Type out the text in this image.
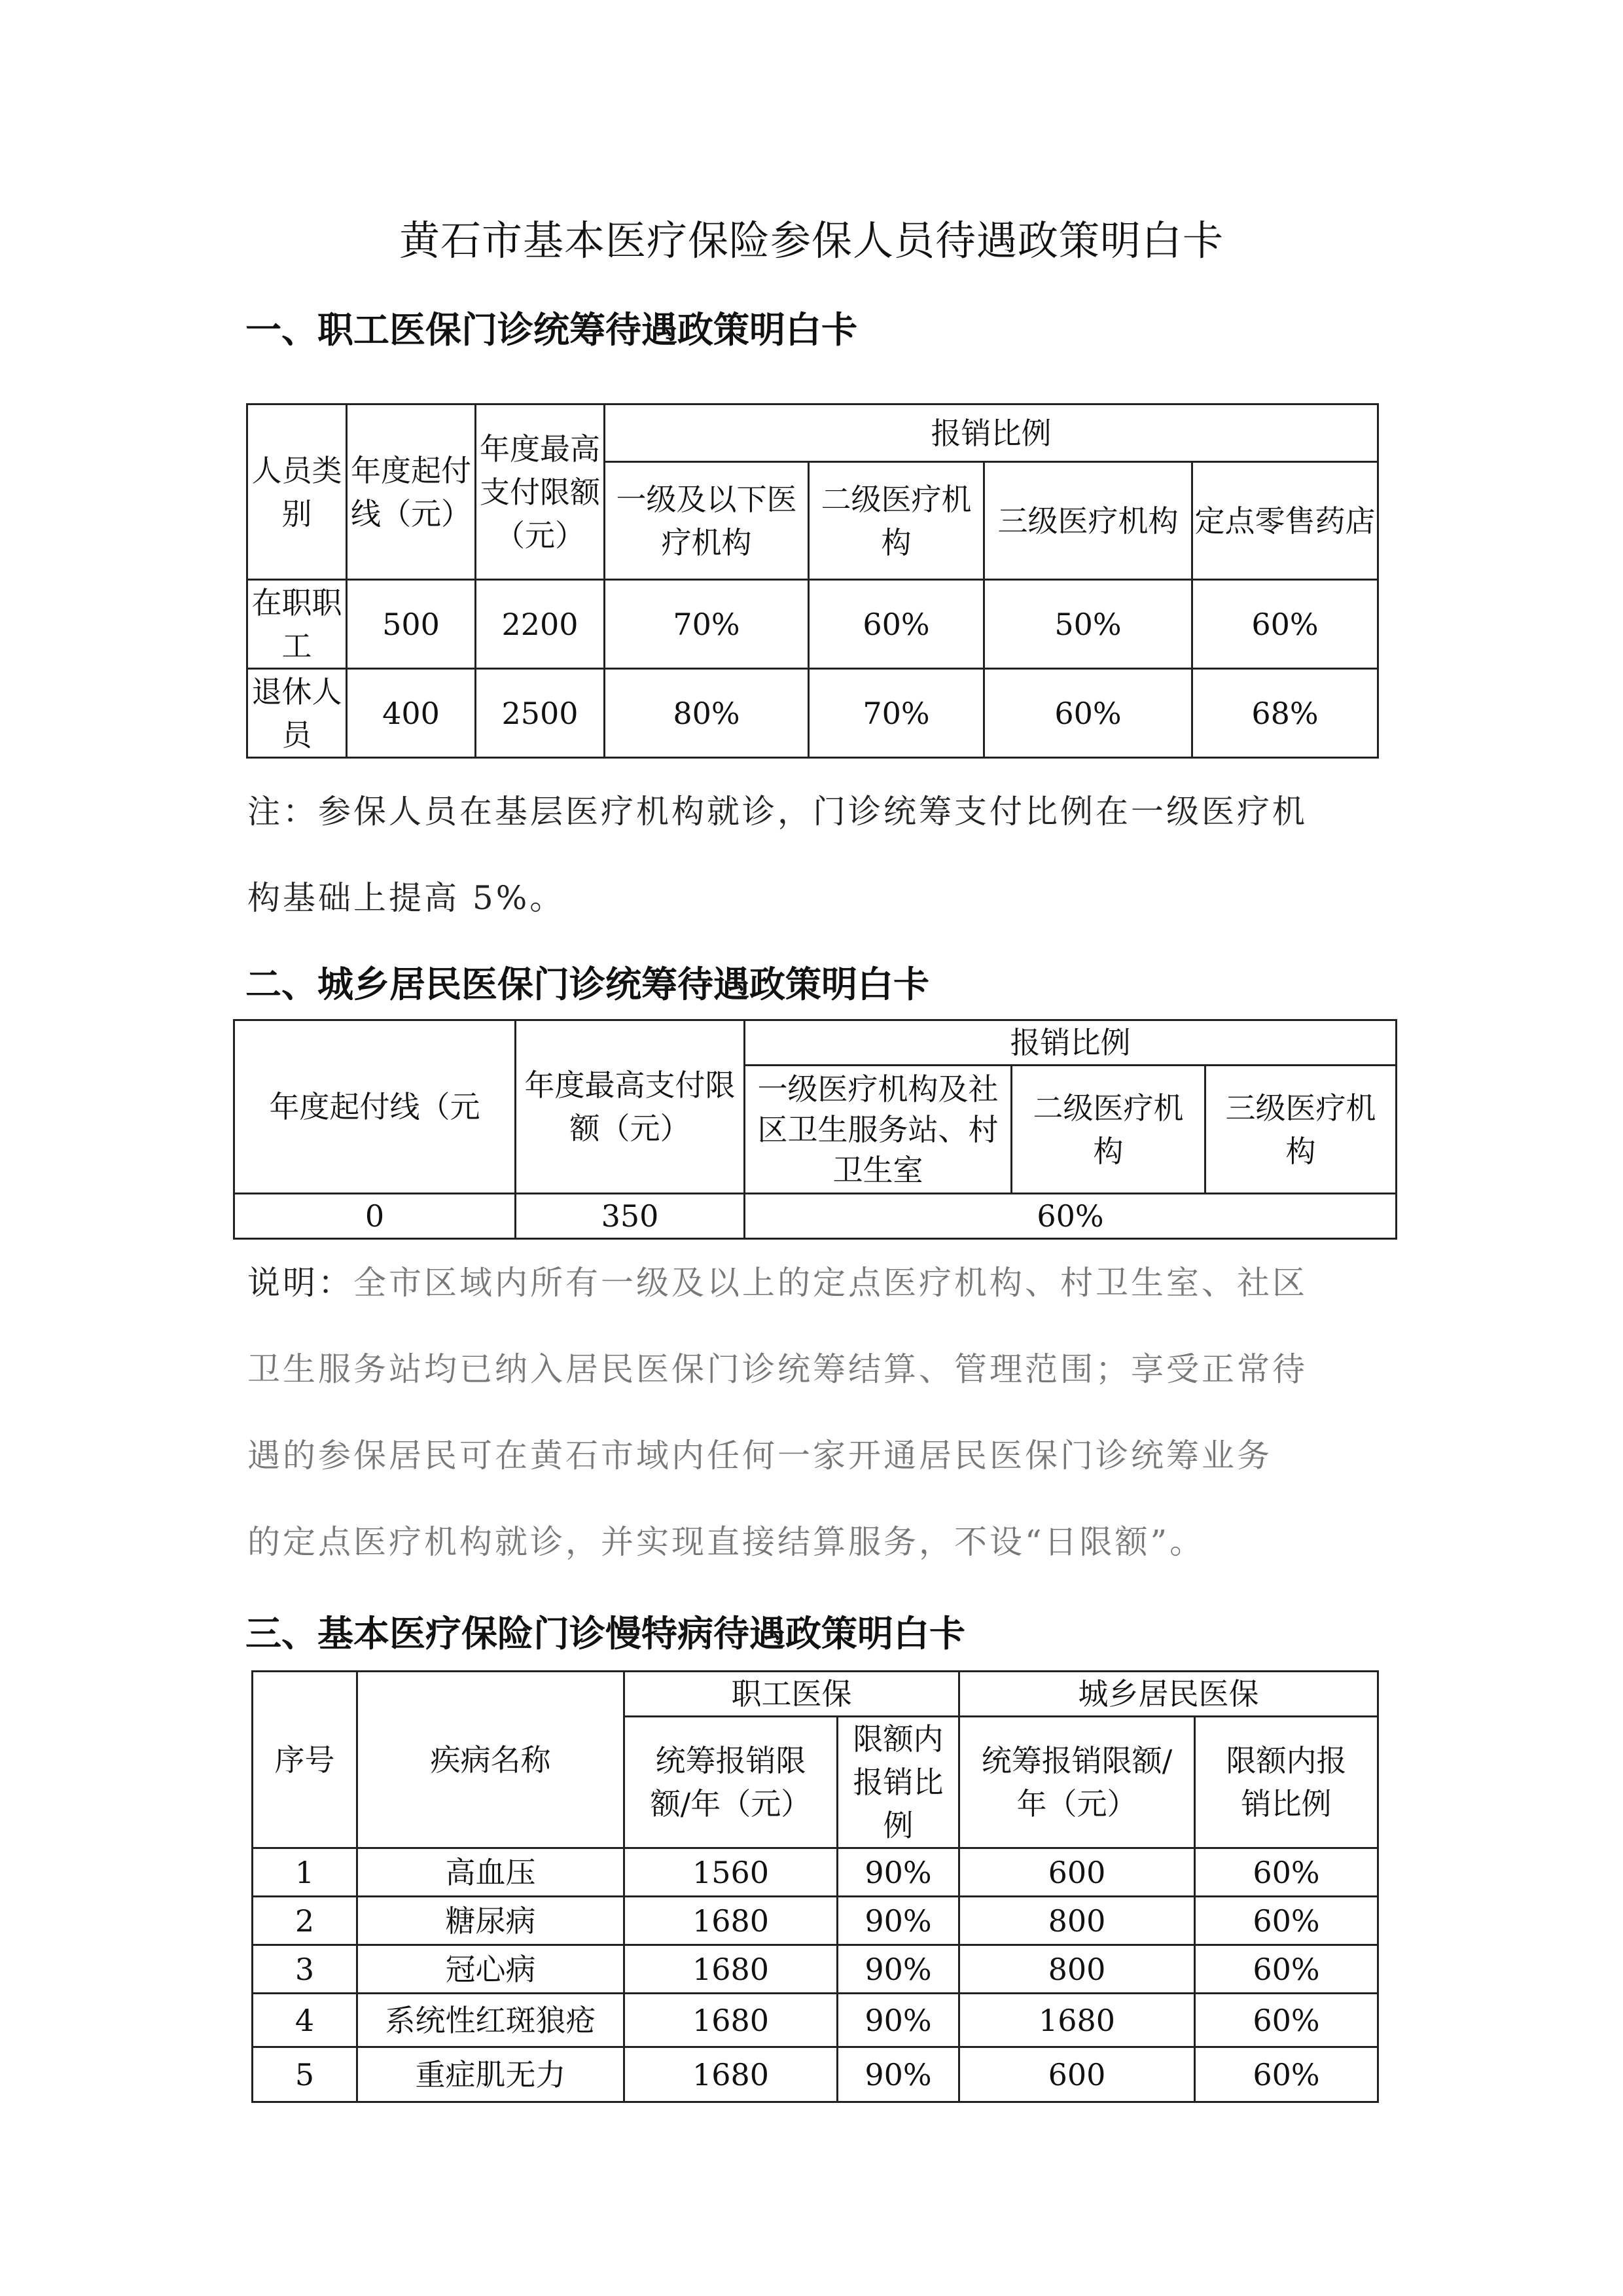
黄石市基本医疗保险参保人员待遇政策明白卡
一、职工医保门诊统筹待遇政策明白卡
人员类别	年度起付线（元）	年度最高支付限额（元）	报销比例			
			一级及以下医疗机构	二级医疗机构	三级医疗机构	定点零售药店
在职职工	500	2200	70%	60%	50%	60%
退休人员	400	2500	80%	70%	60%	68%
注：参保人员在基层医疗机构就诊，门诊统筹支付比例在一级医疗机
构基础上提高 5%。
二、城乡居民医保门诊统筹待遇政策明白卡
年度起付线（元	年度最高支付限额（元）	报销比例		
		一级医疗机构及社区卫生服务站、村卫生室	二级医疗机构	三级医疗机构
0	350	60%		
说明：全市区域内所有一级及以上的定点医疗机构、村卫生室、社区
卫生服务站均已纳入居民医保门诊统筹结算、管理范围；享受正常待
遇的参保居民可在黄石市域内任何一家开通居民医保门诊统筹业务
的定点医疗机构就诊，并实现直接结算服务，不设“日限额”。
三、基本医疗保险门诊慢特病待遇政策明白卡
序号	疾病名称	职工医保		城乡居民医保	
		统筹报销限额/年（元）	限额内报销比例	统筹报销限额/年（元）	限额内报销比例
1	高血压	1560	90%	600	60%
2	糖尿病	1680	90%	800	60%
3	冠心病	1680	90%	800	60%
4	系统性红斑狼疮	1680	90%	1680	60%
5	重症肌无力	1680	90%	600	60%
